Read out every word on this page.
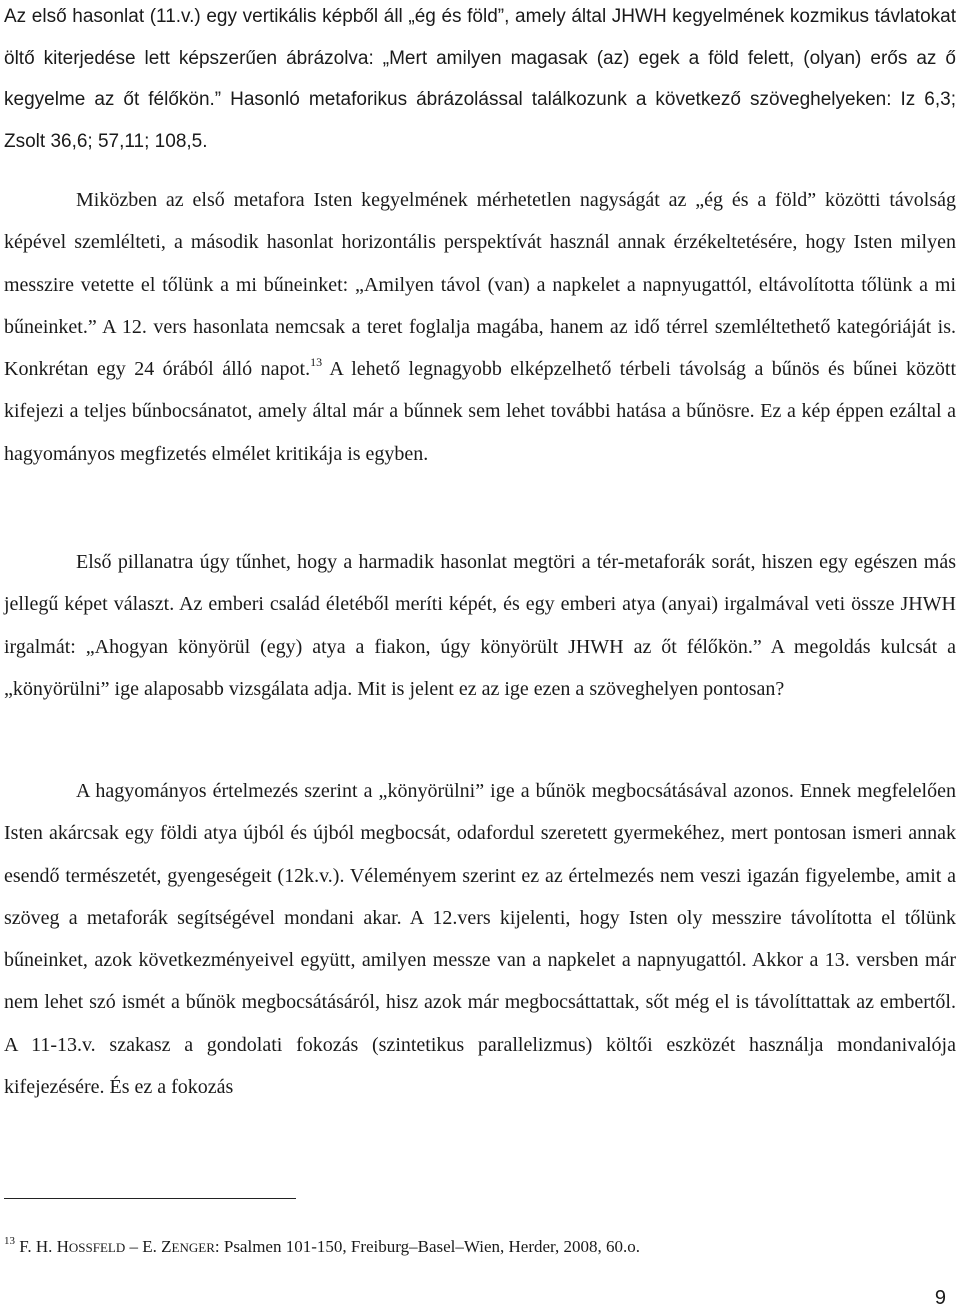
Az első hasonlat (11.v.) egy vertikális képből áll „ég és föld”, amely által JHWH kegyelmének kozmikus távlatokat öltő kiterjedése lett képszerűen ábrázolva: „Mert amilyen magasak (az) egek a föld felett, (olyan) erős az ő kegyelme az őt félőkön.” Hasonló metaforikus ábrázolással találkozunk a következő szöveghelyeken: Iz 6,3; Zsolt 36,6; 57,11; 108,5.

Miközben az első metafora Isten kegyelmének mérhetetlen nagyságát az „ég és a föld” közötti távolság képével szemlélteti, a második hasonlat horizontális perspektívát használ annak érzékeltetésére, hogy Isten milyen messzire vetette el tőlünk a mi bűneinket: „Amilyen távol (van) a napkelet a napnyugattól, eltávolította tőlünk a mi bűneinket.” A 12. vers hasonlata nemcsak a teret foglalja magába, hanem az idő térrel szemléltethető kategóriáját is. Konkrétan egy 24 órából álló napot.$^{13}$ A lehető legnagyobb elképzelhető térbeli távolság a bűnös és bűnei között kifejezi a teljes bűnbocsánatot, amely által már a bűnnek sem lehet további hatása a bűnösre. Ez a kép éppen ezáltal a hagyományos megfizetés elmélet kritikája is egyben.

Első pillanatra úgy tűnhet, hogy a harmadik hasonlat megtöri a tér-metaforák sorát, hiszen egy egészen más jellegű képet választ. Az emberi család életéből meríti képét, és egy emberi atya (anyai) irgalmával veti össze JHWH irgalmát: „Ahogyan könyörül (egy) atya a fiakon, úgy könyörült JHWH az őt félőkön.” A megoldás kulcsát a „könyörülni” ige alaposabb vizsgálata adja. Mit is jelent ez az ige ezen a szöveghelyen pontosan?

A hagyományos értelmezés szerint a „könyörülni” ige a bűnök megbocsátásával azonos. Ennek megfelelően Isten akárcsak egy földi atya újból és újból megbocsát, odafordul szeretett gyermekéhez, mert pontosan ismeri annak esendő természetét, gyengeségeit (12k.v.). Véleményem szerint ez az értelmezés nem veszi igazán figyelembe, amit a szöveg a metaforák segítségével mondani akar. A 12.vers kijelenti, hogy Isten oly messzire távolította el tőlünk bűneinket, azok következményeivel együtt, amilyen messze van a napkelet a napnyugattól. Akkor a 13. versben már nem lehet szó ismét a bűnök megbocsátásáról, hisz azok már megbocsáttattak, sőt még el is távolíttattak az embertől. A 11-13.v. szakasz a gondolati fokozás (szintetikus parallelizmus) költői eszközét használja mondanivalója kifejezésére. És ez a fokozás

$^{13}$ F. H. HOSSFELD – E. ZENGER: Psalmen 101-150, Freiburg–Basel–Wien, Herder, 2008, 60.o.
9
